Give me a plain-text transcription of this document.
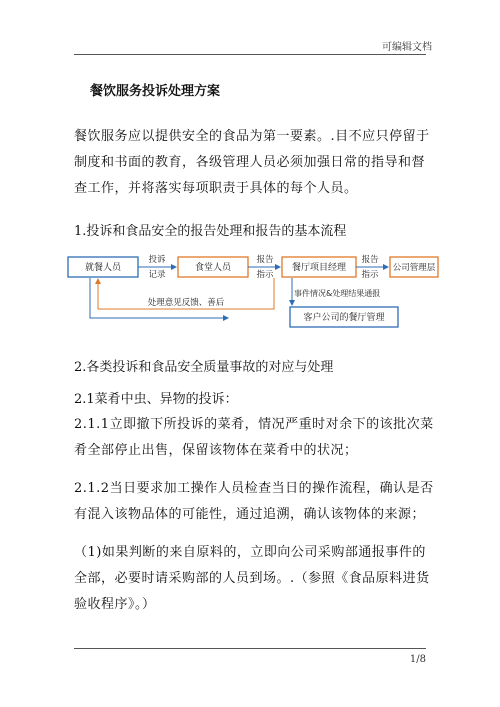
可编辑文档
餐饮服务投诉处理方案

餐饮服务应以提供安全的食品为第一要素。.目不应只停留于制度和书面的教育，各级管理人员必须加强日常的指导和督查工作，并将落实每项职责于具体的每个人员。

1.投诉和食品安全的报告处理和报告的基本流程
就餐人员	食堂人员	餐厅项目经理
客户公司的餐厅管理
投诉
记录
报告
指示
报告
指示
公司管理层
处理意见反馈、善后
事件情况&处理结果通报
2.各类投诉和食品安全质量事故的对应与处理
2.1菜肴中虫、异物的投诉：

2.1.1立即撤下所投诉的菜肴，情况严重时对余下的该批次菜肴全部停止出售，保留该物体在菜肴中的状况；

2.1.2当日要求加工操作人员检查当日的操作流程，确认是否有混入该物品体的可能性，通过追溯，确认该物体的来源；

（1)如果判断的来自原料的，立即向公司采购部通报事件的全部，必要时请采购部的人员到场。.（参照《食品原料进货验收程序》。）

1/8
